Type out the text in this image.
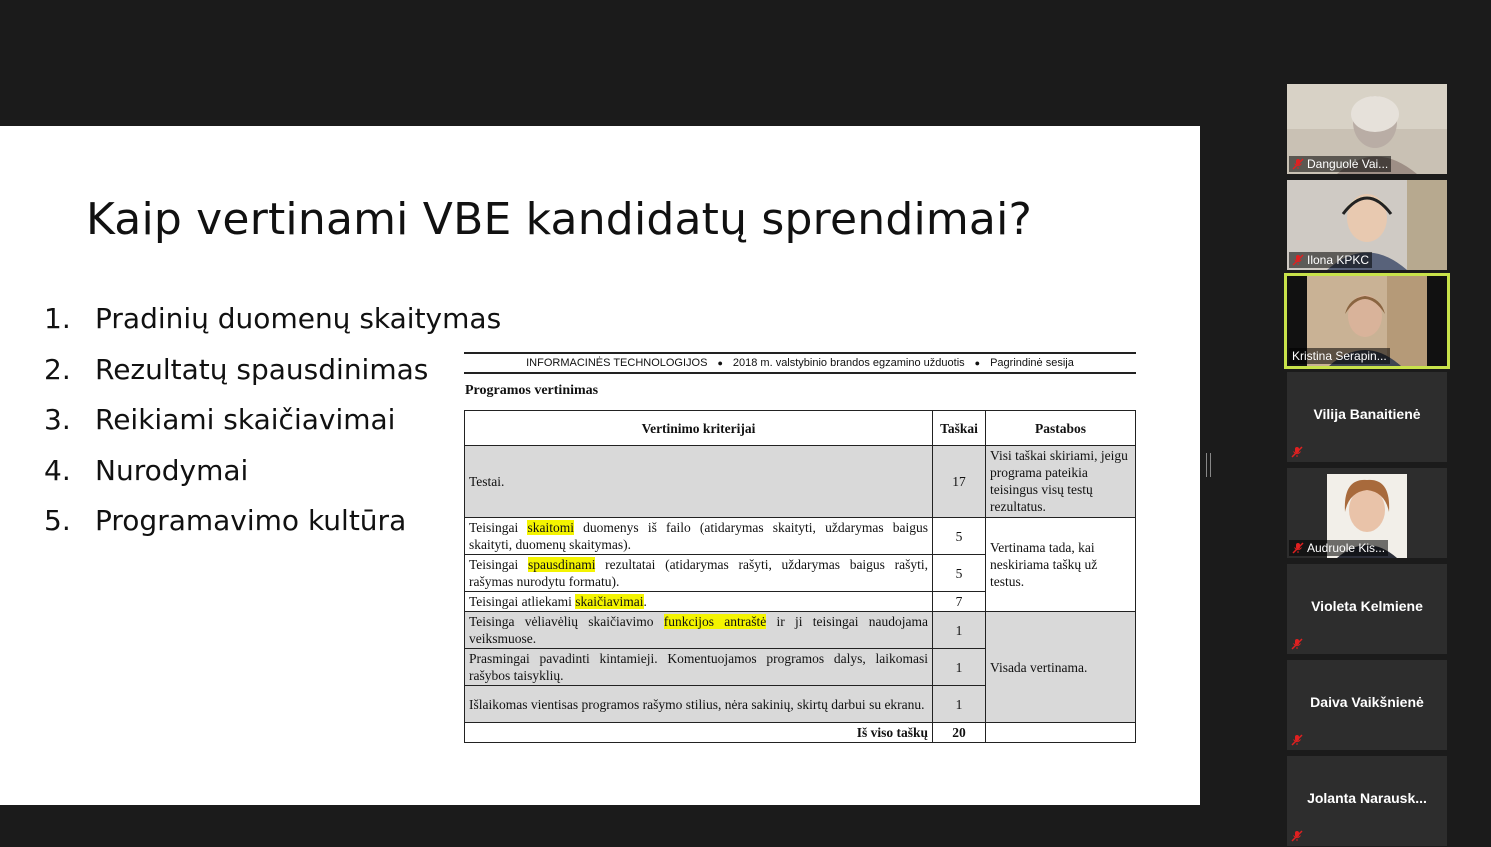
Kaip vertinami VBE kandidatų sprendimai?
1. Pradinių duomenų skaitymas
2. Rezultatų spausdinimas
3. Reikiami skaičiavimai
4. Nurodymai
5. Programavimo kultūra
INFORMACINĖS TECHNOLOGIJOS ● 2018 m. valstybinio brandos egzamino užduotis ● Pagrindinė sesija
Programos vertinimas
Vertinimo kriterijai	Taškai	Pastabos
Testai.	17	Visi taškai skiriami, jeigu programa pateikia teisingus visų testų rezultatus.
Teisingai skaitomi duomenys iš failo (atidarymas skaityti, uždarymas baigus skaityti, duomenų skaitymas).	5	Vertinama tada, kai neskiriama taškų už testus.
Teisingai spausdinami rezultatai (atidarymas rašyti, uždarymas baigus rašyti, rašymas nurodytu formatu).	5	
Teisingai atliekami skaičiavimai.	7	
Teisinga vėliavėlių skaičiavimo funkcijos antraštė ir ji teisingai naudojama veiksmuose.	1	Visada vertinama.
Prasmingai pavadinti kintamieji. Komentuojamos programos dalys, laikomasi rašybos taisyklių.	1	
Išlaikomas vientisas programos rašymo stilius, nėra sakinių, skirtų darbui su ekranu.	1	
Iš viso taškų	20	
Danguolė Vai...
Ilona KPKC
Kristina Serapin...
Vilija Banaitienė
Audruole Kis...
Violeta Kelmiene
Daiva Vaikšnienė
Jolanta Narausk...
